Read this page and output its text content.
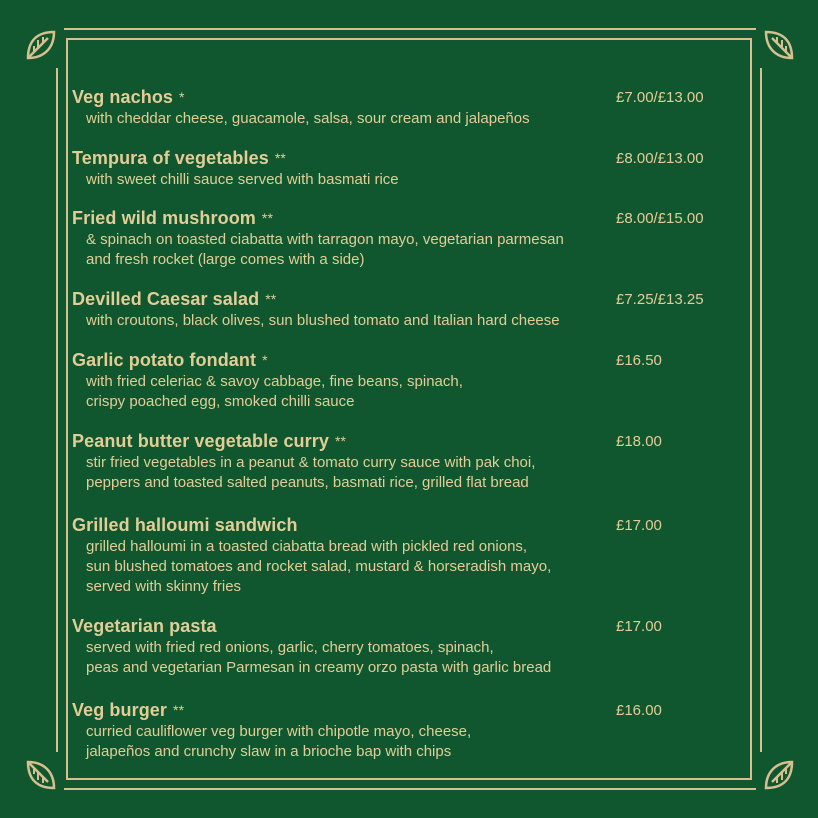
Veg nachos *	£7.00/£13.00
with cheddar cheese, guacamole, salsa, sour cream and jalapeños
Tempura of vegetables **	£8.00/£13.00
with sweet chilli sauce served with basmati rice
Fried wild mushroom **	£8.00/£15.00
& spinach on toasted ciabatta with tarragon mayo, vegetarian parmesan
and fresh rocket (large comes with a side)
Devilled Caesar salad **	£7.25/£13.25
with croutons, black olives, sun blushed tomato and Italian hard cheese
Garlic potato fondant *	£16.50
with fried celeriac & savoy cabbage, fine beans, spinach,
crispy poached egg, smoked chilli sauce
Peanut butter vegetable curry **	£18.00
stir fried vegetables in a peanut & tomato curry sauce with pak choi,
peppers and toasted salted peanuts, basmati rice, grilled flat bread
Grilled halloumi sandwich	£17.00
grilled halloumi in a toasted ciabatta bread with pickled red onions,
sun blushed tomatoes and rocket salad, mustard & horseradish mayo,
served with skinny fries
Vegetarian pasta	£17.00
served with fried red onions, garlic, cherry tomatoes, spinach,
peas and vegetarian Parmesan in creamy orzo pasta with garlic bread
Veg burger **	£16.00
curried cauliflower veg burger with chipotle mayo, cheese,
jalapeños and crunchy slaw in a brioche bap with chips
